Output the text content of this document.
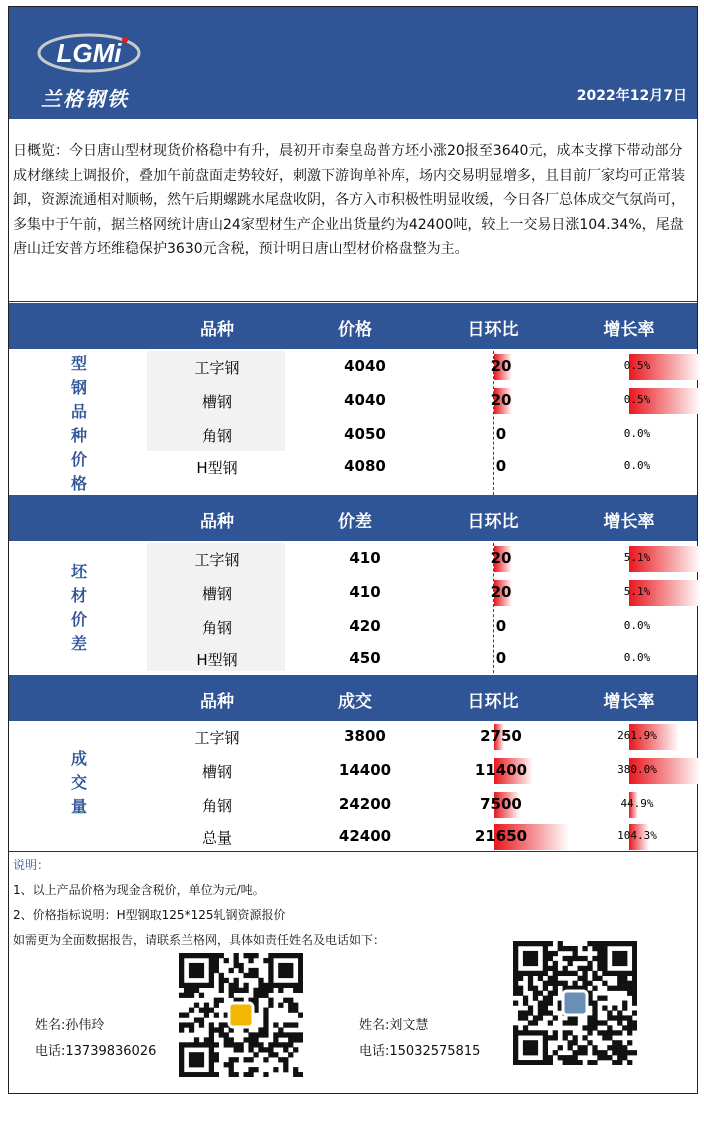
LGMi
兰格钢铁	2022年12月7日
日概览：今日唐山型材现货价格稳中有升，晨初开市秦皇岛普方坯小涨20报至3640元，成本支撑下带动部分成材继续上调报价，叠加午前盘面走势较好，刺激下游询单补库，场内交易明显增多，且目前厂家均可正常装卸，资源流通相对顺畅，然午后期螺跳水尾盘收阴，各方入市积极性明显收缓，今日各厂总体成交气氛尚可，多集中于午前，据兰格网统计唐山24家型材生产企业出货量约为42400吨，较上一交易日涨104.34%，尾盘唐山迁安普方坯维稳保护3630元含税，预计明日唐山型材价格盘整为主。
品种	价格	日环比	增长率
型钢品种价格
工字钢	4040	20	0.5%
槽钢	4040	20	0.5%
角钢	4050	0	0.0%
H型钢	4080	0	0.0%
品种	价差	日环比	增长率
坯材价差
工字钢	410	20	5.1%
槽钢	410	20	5.1%
角钢	420	0	0.0%
H型钢	450	0	0.0%
品种	成交	日环比	增长率
成交量
工字钢	3800	2750	261.9%
槽钢	14400	11400	380.0%
角钢	24200	7500	44.9%
总量	42400	21650	104.3%
说明：
1、以上产品价格为现金含税价，单位为元/吨。
2、价格指标说明：H型钢取125*125轧钢资源报价
如需更为全面数据报告，请联系兰格网，具体如责任姓名及电话如下：
姓名:孙伟玲
电话:13739836026
姓名:刘文慧
电话:15032575815
